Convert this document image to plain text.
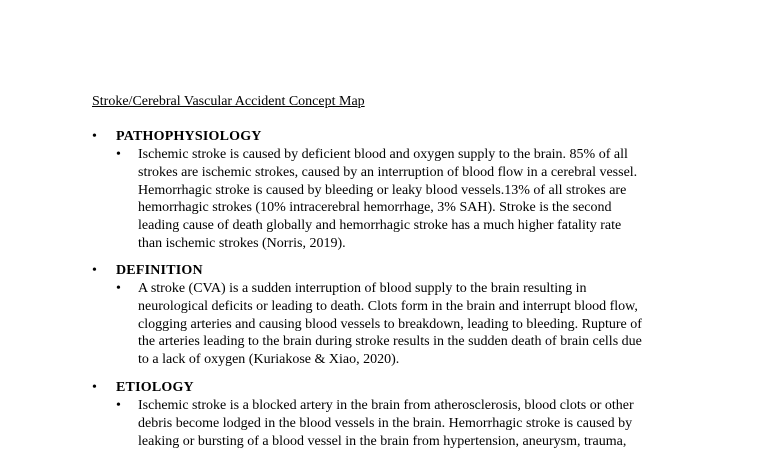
Stroke/Cerebral Vascular Accident Concept Map
• PATHOPHYSIOLOGY
• Ischemic stroke is caused by deficient blood and oxygen supply to the brain. 85% of all
strokes are ischemic strokes, caused by an interruption of blood flow in a cerebral vessel.
Hemorrhagic stroke is caused by bleeding or leaky blood vessels.13% of all strokes are
hemorrhagic strokes (10% intracerebral hemorrhage, 3% SAH). Stroke is the second
leading cause of death globally and hemorrhagic stroke has a much higher fatality rate
than ischemic strokes (Norris, 2019).
• DEFINITION
• A stroke (CVA) is a sudden interruption of blood supply to the brain resulting in
neurological deficits or leading to death. Clots form in the brain and interrupt blood flow,
clogging arteries and causing blood vessels to breakdown, leading to bleeding. Rupture of
the arteries leading to the brain during stroke results in the sudden death of brain cells due
to a lack of oxygen (Kuriakose & Xiao, 2020).
• ETIOLOGY
• Ischemic stroke is a blocked artery in the brain from atherosclerosis, blood clots or other
debris become lodged in the blood vessels in the brain. Hemorrhagic stroke is caused by
leaking or bursting of a blood vessel in the brain from hypertension, aneurysm, trauma,
